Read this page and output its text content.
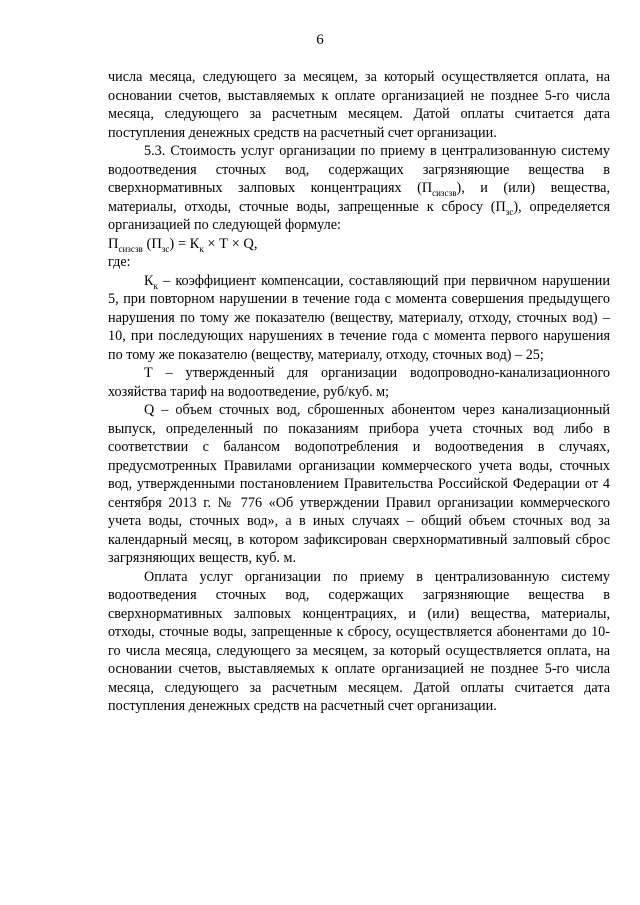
6

числа месяца, следующего за месяцем, за который осуществляется оплата, на основании счетов, выставляемых к оплате организацией не позднее 5-го числа месяца, следующего за расчетным месяцем. Датой оплаты считается дата поступления денежных средств на расчетный счет организации.

5.3. Стоимость услуг организации по приему в централизованную систему водоотведения сточных вод, содержащих загрязняющие вещества в сверхнормативных залповых концентрациях $(П_{сизсзв})$, и (или) вещества, материалы, отходы, сточные воды, запрещенные к сбросу $(П_{зс})$, определяется организацией по следующей формуле:

$П_{сизсзв}$ $(П_{зс}) = К_к \times Т \times Q$,

где:

$К_к$ – коэффициент компенсации, составляющий при первичном нарушении 5, при повторном нарушении в течение года с момента совершения предыдущего нарушения по тому же показателю (веществу, материалу, отходу, сточных вод) – 10, при последующих нарушениях в течение года с момента первого нарушения по тому же показателю (веществу, материалу, отходу, сточных вод) – 25;

Т – утвержденный для организации водопроводно-канализационного хозяйства тариф на водоотведение, руб/куб. м;

Q – объем сточных вод, сброшенных абонентом через канализационный выпуск, определенный по показаниям прибора учета сточных вод либо в соответствии с балансом водопотребления и водоотведения в случаях, предусмотренных Правилами организации коммерческого учета воды, сточных вод, утвержденными постановлением Правительства Российской Федерации от 4 сентября 2013 г. № 776 «Об утверждении Правил организации коммерческого учета воды, сточных вод», а в иных случаях – общий объем сточных вод за календарный месяц, в котором зафиксирован сверхнормативный залповый сброс загрязняющих веществ, куб. м.

Оплата услуг организации по приему в централизованную систему водоотведения сточных вод, содержащих загрязняющие вещества в сверхнормативных залповых концентрациях, и (или) вещества, материалы, отходы, сточные воды, запрещенные к сбросу, осуществляется абонентами до 10-го числа месяца, следующего за месяцем, за который осуществляется оплата, на основании счетов, выставляемых к оплате организацией не позднее 5-го числа месяца, следующего за расчетным месяцем. Датой оплаты считается дата поступления денежных средств на расчетный счет организации.
